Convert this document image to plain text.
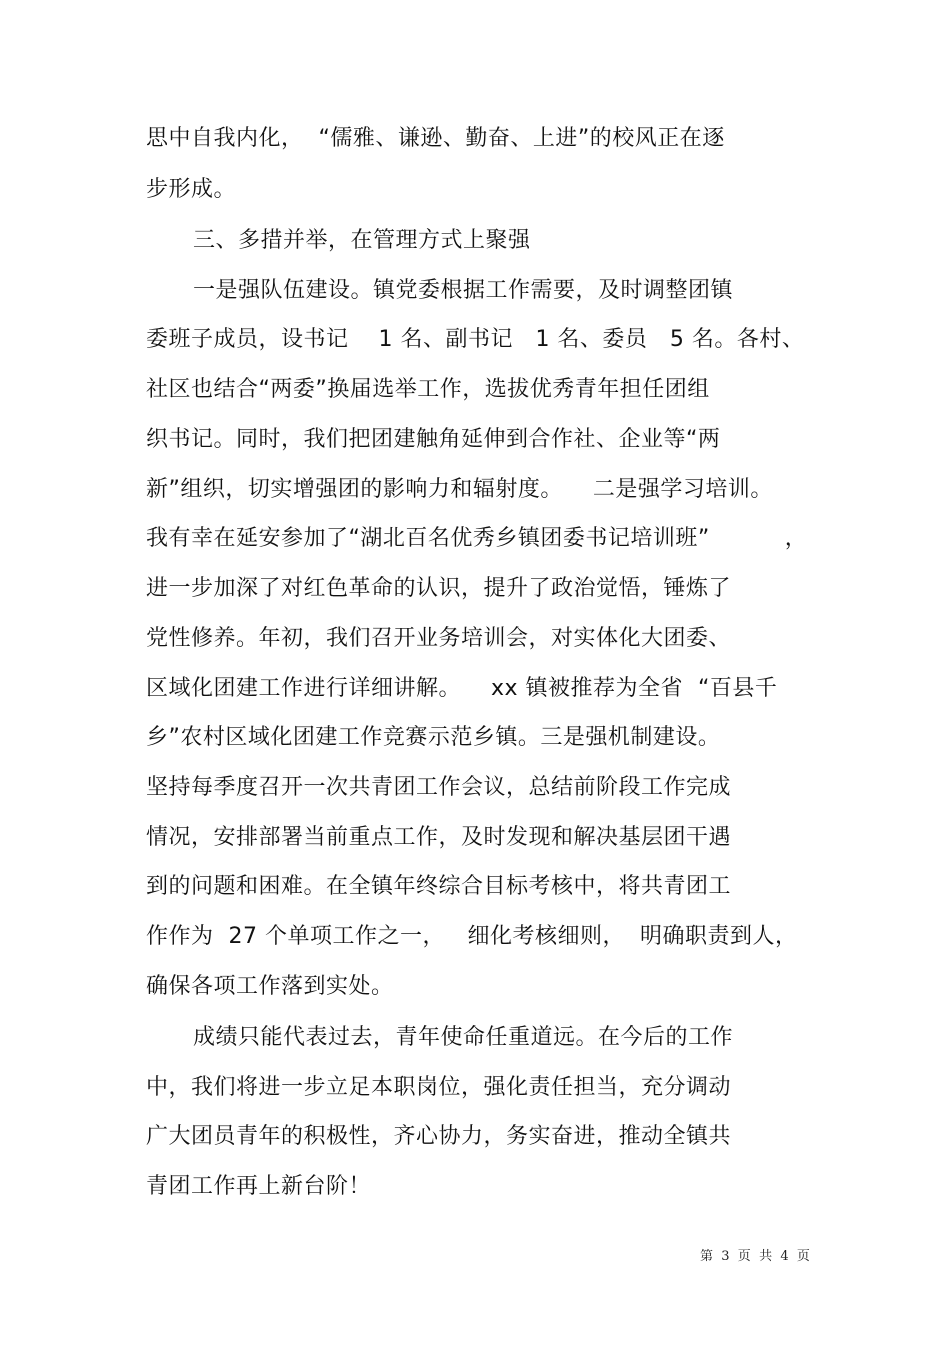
思中自我内化，  “儒雅、谦逊、勤奋、上进”的校风正在逐
步形成。
三、多措并举，在管理方式上聚强
一是强队伍建设。镇党委根据工作需要，及时调整团镇
委班子成员，设书记    1 名、副书记   1 名、委员   5 名。各村、
社区也结合“两委”换届选举工作，选拔优秀青年担任团组
织书记。同时，我们把团建触角延伸到合作社、企业等“两
新”组织，切实增强团的影响力和辐射度。    二是强学习培训。
我有幸在延安参加了“湖北百名优秀乡镇团委书记培训班”          ，
进一步加深了对红色革命的认识，提升了政治觉悟，锤炼了
党性修养。年初，我们召开业务培训会，对实体化大团委、
区域化团建工作进行详细讲解。    xx 镇被推荐为全省  “百县千
乡”农村区域化团建工作竞赛示范乡镇。三是强机制建设。
坚持每季度召开一次共青团工作会议，总结前阶段工作完成
情况，安排部署当前重点工作，及时发现和解决基层团干遇
到的问题和困难。在全镇年终综合目标考核中，将共青团工
作作为  27 个单项工作之一，   细化考核细则，  明确职责到人，
确保各项工作落到实处。
成绩只能代表过去，青年使命任重道远。在今后的工作
中，我们将进一步立足本职岗位，强化责任担当，充分调动
广大团员青年的积极性，齐心协力，务实奋进，推动全镇共
青团工作再上新台阶！
第  3  页  共  4  页
